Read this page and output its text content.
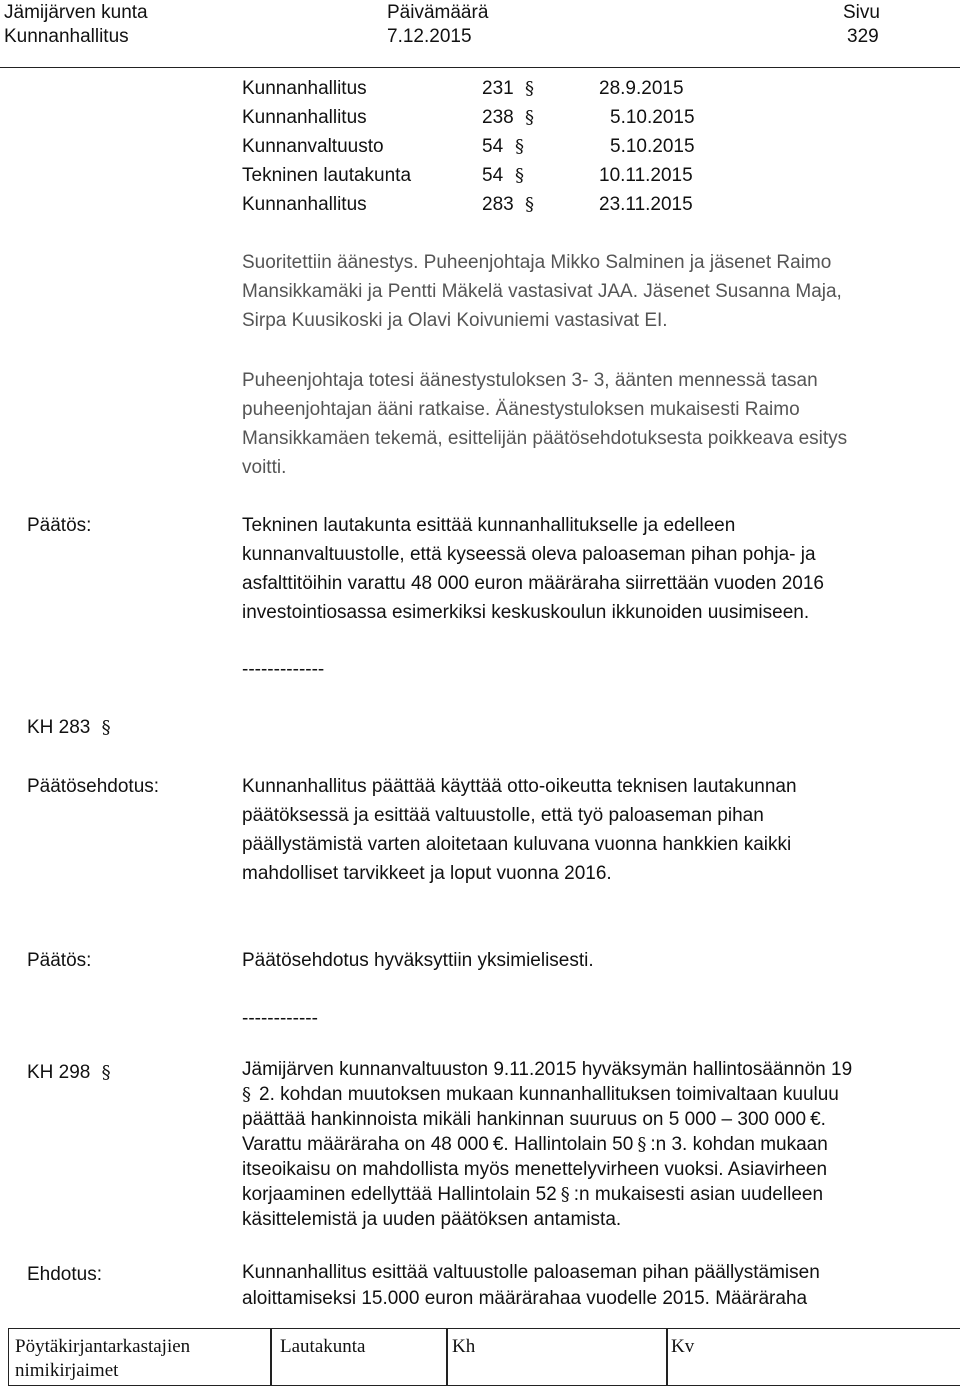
Jämijärven kunta
Kunnanhallitus
Päivämäärä
7.12.2015
Sivu
329
Kunnanhallitus	231 §	28.9.2015
Kunnanhallitus	238 §	5.10.2015
Kunnanvaltuusto	54 §	5.10.2015
Tekninen lautakunta	54 §	10.11.2015
Kunnanhallitus	283 §	23.11.2015
Suoritettiin äänestys. Puheenjohtaja Mikko Salminen ja jäsenet Raimo
Mansikkamäki ja Pentti Mäkelä vastasivat JAA. Jäsenet Susanna Maja,
Sirpa Kuusikoski ja Olavi Koivuniemi vastasivat EI.
Puheenjohtaja totesi äänestystuloksen 3- 3, äänten mennessä tasan
puheenjohtajan ääni ratkaise. Äänestystuloksen mukaisesti Raimo
Mansikkamäen tekemä, esittelijän päätösehdotuksesta poikkeava esitys
voitti.
Päätös:	Tekninen lautakunta esittää kunnanhallitukselle ja edelleen
kunnanvaltuustolle, että kyseessä oleva paloaseman pihan pohja- ja
asfalttitöihin varattu 48 000 euron määräraha siirrettään vuoden 2016
investointiosassa esimerkiksi keskuskoulun ikkunoiden uusimiseen.
-------------
KH 283 §
Päätösehdotus:	Kunnanhallitus päättää käyttää otto-oikeutta teknisen lautakunnan
päätöksessä ja esittää valtuustolle, että työ paloaseman pihan
päällystämistä varten aloitetaan kuluvana vuonna hankkien kaikki
mahdolliset tarvikkeet ja loput vuonna 2016.
Päätös:	Päätösehdotus hyväksyttiin yksimielisesti.
------------
KH 298 §	Jämijärven kunnanvaltuuston 9.11.2015 hyväksymän hallintosäännön 19
§ 2. kohdan muutoksen mukaan kunnanhallituksen toimivaltaan kuuluu
päättää hankinnoista mikäli hankinnan suuruus on 5 000 – 300 000 €.
Varattu määräraha on 48 000 €. Hallintolain 50 § :n 3. kohdan mukaan
itseoikaisu on mahdollista myös menettelyvirheen vuoksi. Asiavirheen
korjaaminen edellyttää Hallintolain 52 § :n mukaisesti asian uudelleen
käsittelemistä ja uuden päätöksen antamista.
Ehdotus:	Kunnanhallitus esittää valtuustolle paloaseman pihan päällystämisen
aloittamiseksi 15.000 euron määrärahaa vuodelle 2015. Määräraha
Pöytäkirjantarkastajien
nimikirjaimet
Lautakunta	Kh	Kv
